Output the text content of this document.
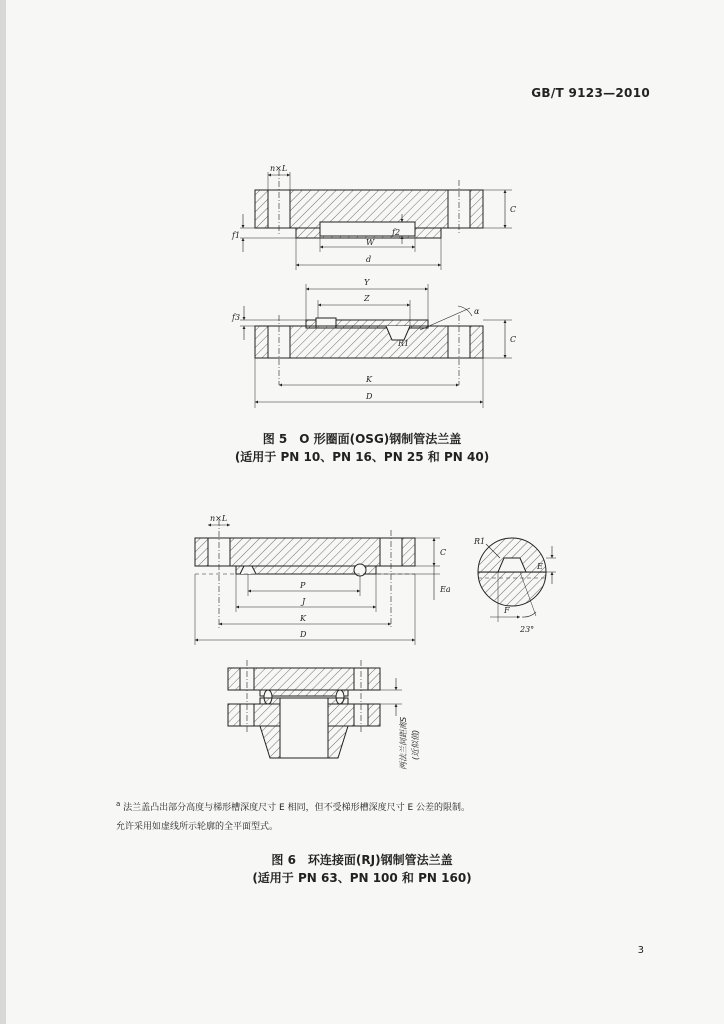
GB/T 9123—2010
n×L
C
f1	f2
W
d
Y
Z
f3
α
R1	C
K
D
n×L
C
Ea
P
J
K
D
R1
E
F
23°
两法兰间距离S (近似值)
图 5　O 形圈面(OSG)钢制管法兰盖
(适用于 PN 10、PN 16、PN 25 和 PN 40)
$^a$ 法兰盖凸出部分高度与梯形槽深度尺寸 E 相同，但不受梯形槽深度尺寸 E 公差的限制。
允许采用如虚线所示轮廓的全平面型式。
图 6　环连接面(RJ)钢制管法兰盖
(适用于 PN 63、PN 100 和 PN 160)
3
